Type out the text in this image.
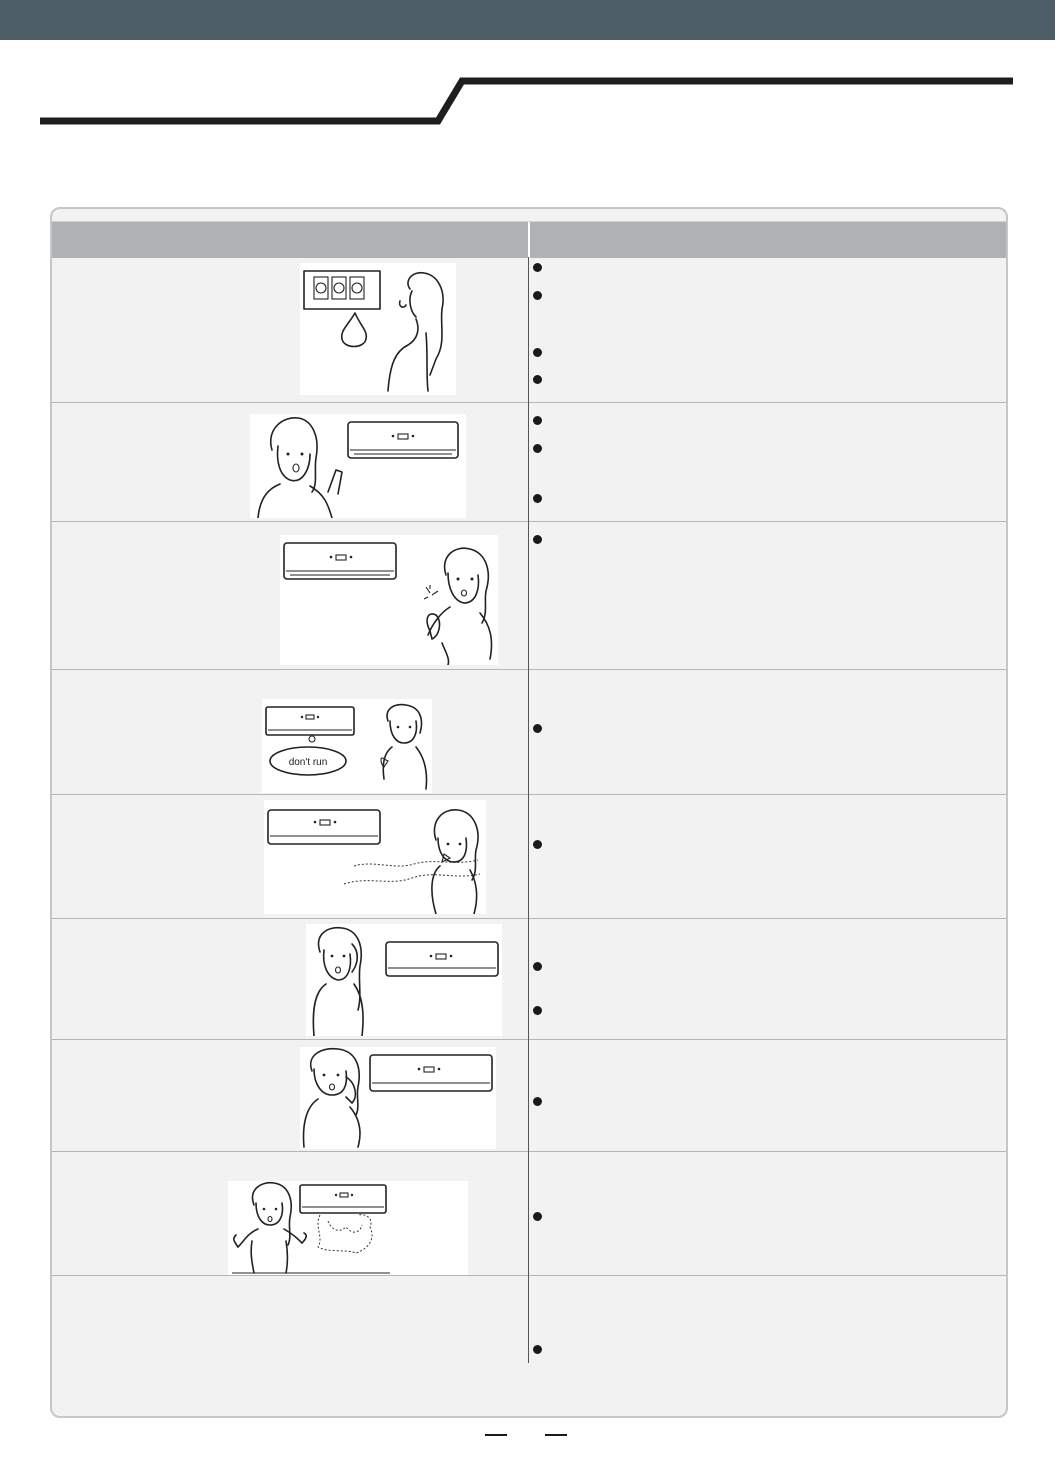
don't run
